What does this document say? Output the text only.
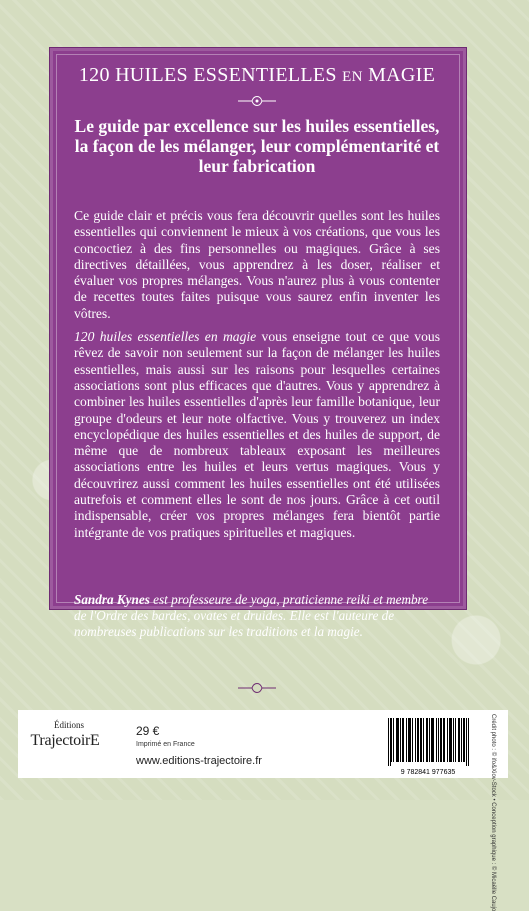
120 HUILES ESSENTIELLES EN MAGIE
Le guide par excellence sur les huiles essentielles, la façon de les mélanger, leur complémentarité et leur fabrication

Ce guide clair et précis vous fera découvrir quelles sont les huiles essentielles qui conviennent le mieux à vos créations, que vous les concoctiez à des fins personnelles ou magiques. Grâce à ses directives détaillées, vous apprendrez à les doser, réaliser et évaluer vos propres mélanges. Vous n'aurez plus à vous contenter de recettes toutes faites puisque vous saurez enfin inventer les vôtres.

120 huiles essentielles en magie vous enseigne tout ce que vous rêvez de savoir non seulement sur la façon de mélanger les huiles essentielles, mais aussi sur les raisons pour lesquelles certaines associations sont plus efficaces que d'autres. Vous y apprendrez à combiner les huiles essentielles d'après leur famille botanique, leur groupe d'odeurs et leur note olfactive. Vous y trouverez un index encyclopédique des huiles essentielles et des huiles de support, de même que de nombreux tableaux exposant les meilleures associations entre les huiles et leurs vertus magiques. Vous y découvrirez aussi comment les huiles essentielles ont été utilisées autrefois et comment elles le sont de nos jours. Grâce à cet outil indispensable, créer vos propres mélanges fera bientôt partie intégrante de vos pratiques spirituelles et magiques.

Sandra Kynes est professeure de yoga, praticienne reiki et membre de l'Ordre des bardes, ovates et druides. Elle est l'auteure de nombreuses publications sur les traditions et la magie.
Éditions
TrajectoirE
29 €
Imprimé en France
www.editions-trajectoire.fr
9 782841 977635	Crédit photo : © ifo&Xiov-Stock • Conception graphique : © Micaëlle Caujo
